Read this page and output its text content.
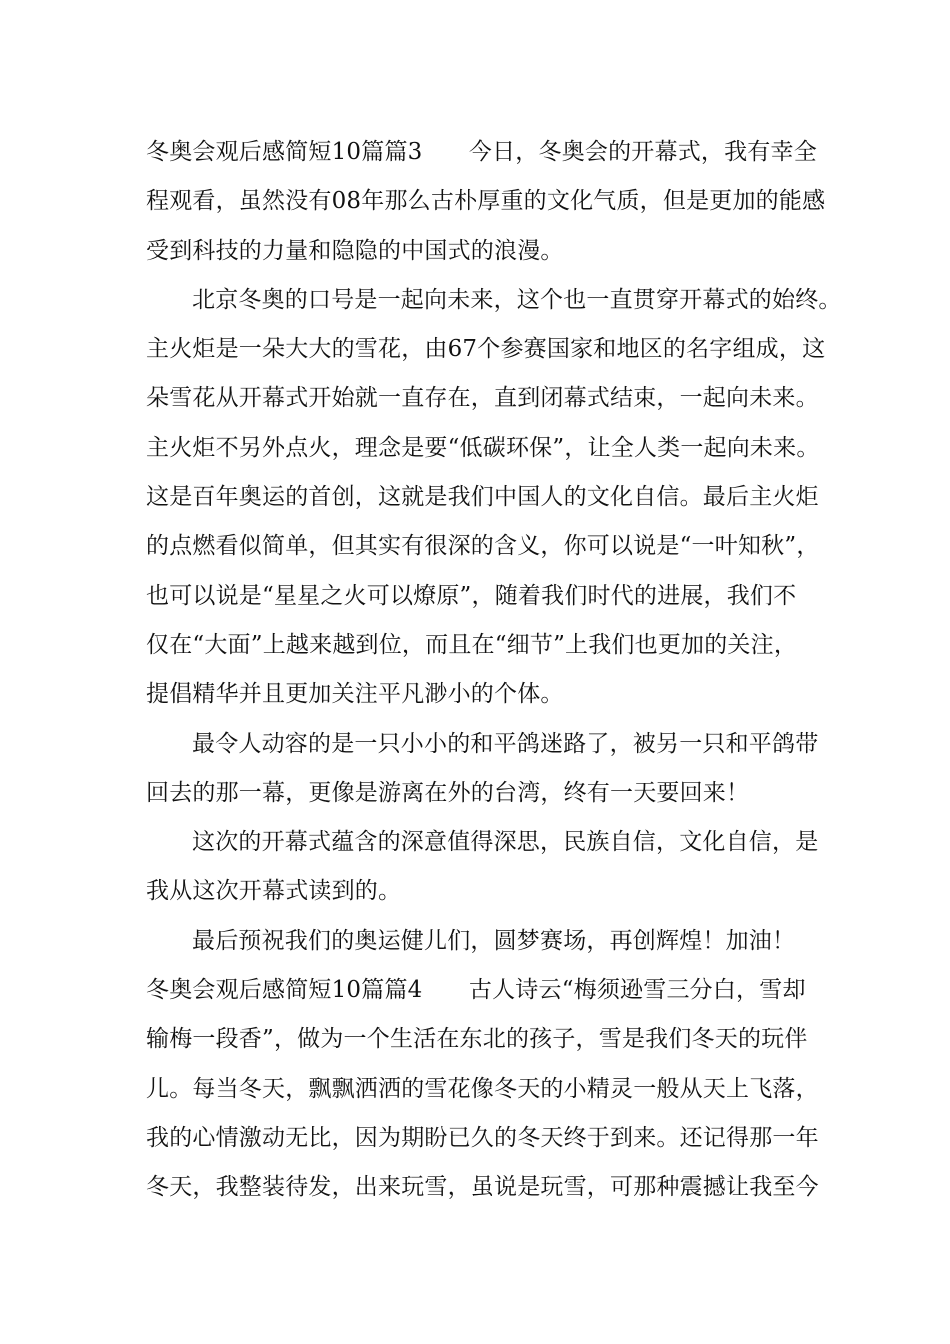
冬奥会观后感简短10篇篇3　　今日，冬奥会的开幕式，我有幸全
程观看，虽然没有08年那么古朴厚重的文化气质，但是更加的能感
受到科技的力量和隐隐的中国式的浪漫。
北京冬奥的口号是一起向未来，这个也一直贯穿开幕式的始终。
主火炬是一朵大大的雪花，由67个参赛国家和地区的名字组成，这
朵雪花从开幕式开始就一直存在，直到闭幕式结束，一起向未来。
主火炬不另外点火，理念是要“低碳环保”，让全人类一起向未来。
这是百年奥运的首创，这就是我们中国人的文化自信。最后主火炬
的点燃看似简单，但其实有很深的含义，你可以说是“一叶知秋”，
也可以说是“星星之火可以燎原”，随着我们时代的进展，我们不
仅在“大面”上越来越到位，而且在“细节”上我们也更加的关注，
提倡精华并且更加关注平凡渺小的个体。
最令人动容的是一只小小的和平鸽迷路了，被另一只和平鸽带
回去的那一幕，更像是游离在外的台湾，终有一天要回来！
这次的开幕式蕴含的深意值得深思，民族自信，文化自信，是
我从这次开幕式读到的。
最后预祝我们的奥运健儿们，圆梦赛场，再创辉煌！加油！
冬奥会观后感简短10篇篇4　　古人诗云“梅须逊雪三分白，雪却
输梅一段香”，做为一个生活在东北的孩子，雪是我们冬天的玩伴
儿。每当冬天，飘飘洒洒的雪花像冬天的小精灵一般从天上飞落，
我的心情激动无比，因为期盼已久的冬天终于到来。还记得那一年
冬天，我整装待发，出来玩雪，虽说是玩雪，可那种震撼让我至今
